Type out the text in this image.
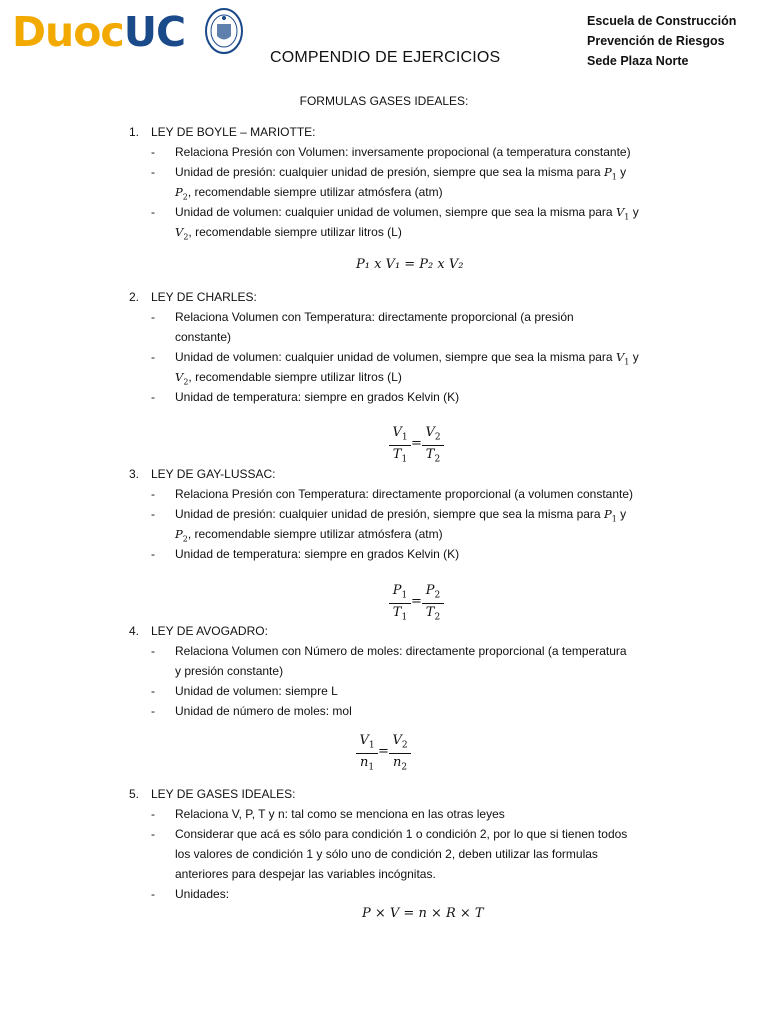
Duoc UC
COMPENDIO DE EJERCICIOS
Escuela de Construcción
Prevención de Riesgos
Sede Plaza Norte
FORMULAS GASES IDEALES:
1. LEY DE BOYLE – MARIOTTE:
- Relaciona Presión con Volumen: inversamente propocional (a temperatura constante)
- Unidad de presión: cualquier unidad de presión, siempre que sea la misma para $P_1$ y
$P_2$, recomendable siempre utilizar atmósfera (atm)
- Unidad de volumen: cualquier unidad de volumen, siempre que sea la misma para $V_1$ y
$V_2$, recomendable siempre utilizar litros (L)
P₁ x V₁ = P₂ x V₂
2. LEY DE CHARLES:
- Relaciona Volumen con Temperatura: directamente proporcional (a presión
constante)
- Unidad de volumen: cualquier unidad de volumen, siempre que sea la misma para $V_1$ y
$V_2$, recomendable siempre utilizar litros (L)
- Unidad de temperatura: siempre en grados Kelvin (K)
$V_1$
$T_1$
=
$V_2$
$T_2$
3. LEY DE GAY-LUSSAC:
- Relaciona Presión con Temperatura: directamente proporcional (a volumen constante)
- Unidad de presión: cualquier unidad de presión, siempre que sea la misma para $P_1$ y
$P_2$, recomendable siempre utilizar atmósfera (atm)
- Unidad de temperatura: siempre en grados Kelvin (K)
$P_1$
$T_1$
=
$P_2$
$T_2$
4. LEY DE AVOGADRO:
- Relaciona Volumen con Número de moles: directamente proporcional (a temperatura
y presión constante)
- Unidad de volumen: siempre L
- Unidad de número de moles: mol
$V_1$
$n_1$
=
$V_2$
$n_2$
5. LEY DE GASES IDEALES:
- Relaciona V, P, T y n: tal como se menciona en las otras leyes
- Considerar que acá es sólo para condición 1 o condición 2, por lo que si tienen todos
los valores de condición 1 y sólo uno de condición 2, deben utilizar las formulas
anteriores para despejar las variables incógnitas.
- Unidades:
P × V = n × R × T
